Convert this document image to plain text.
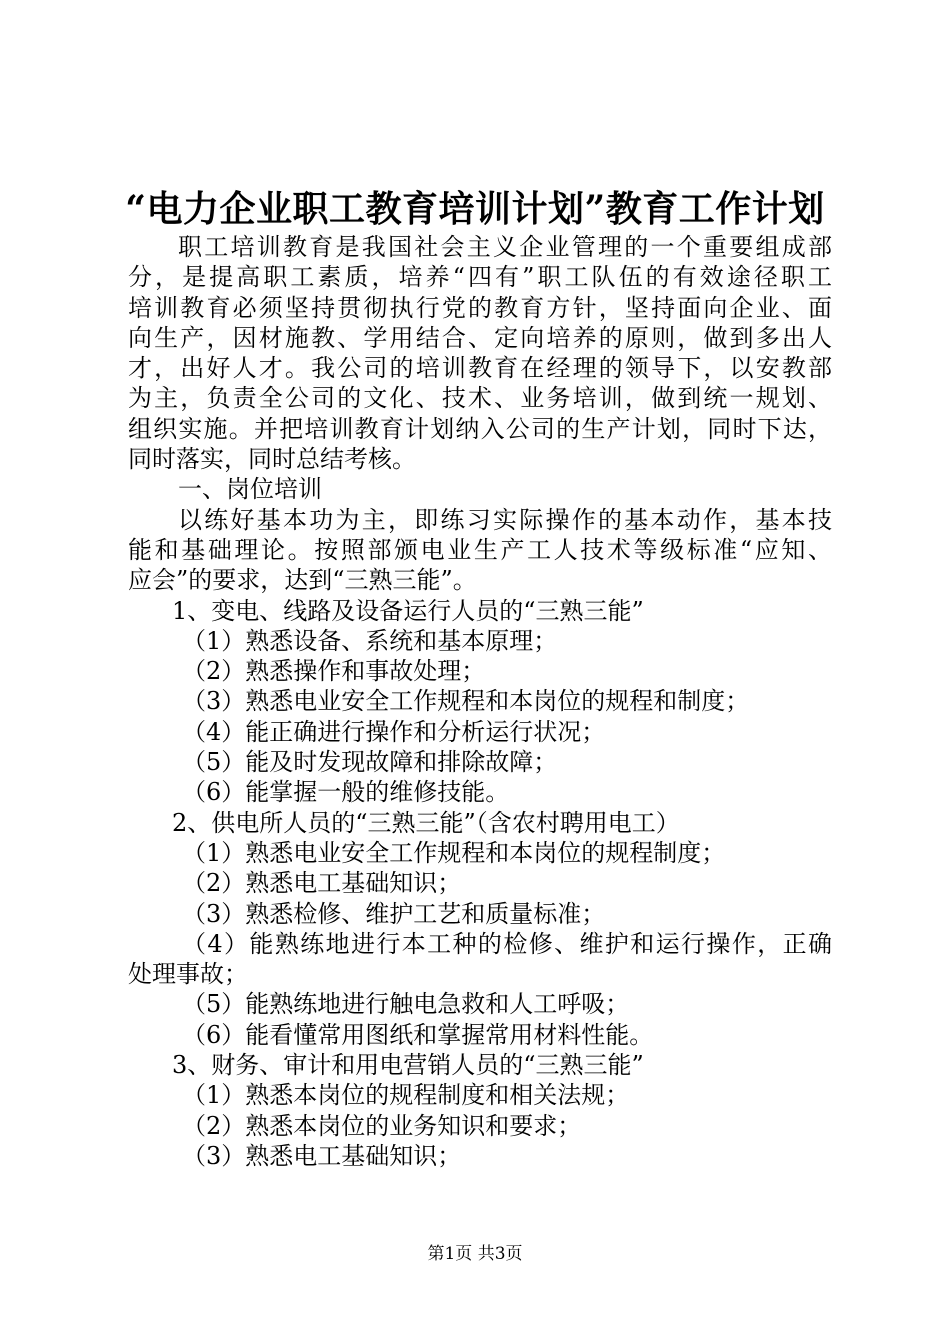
“电力企业职工教育培训计划”教育工作计划
职工培训教育是我国社会主义企业管理的一个重要组成部
分，是提高职工素质，培养“四有”职工队伍的有效途径职工
培训教育必须坚持贯彻执行党的教育方针，坚持面向企业、面
向生产，因材施教、学用结合、定向培养的原则，做到多出人
才，出好人才。我公司的培训教育在经理的领导下，以安教部
为主，负责全公司的文化、技术、业务培训，做到统一规划、
组织实施。并把培训教育计划纳入公司的生产计划，同时下达，
同时落实，同时总结考核。
一、岗位培训
以练好基本功为主，即练习实际操作的基本动作，基本技
能和基础理论。按照部颁电业生产工人技术等级标准“应知、
应会”的要求，达到“三熟三能”。
1、变电、线路及设备运行人员的“三熟三能”
（1）熟悉设备、系统和基本原理；
（2）熟悉操作和事故处理；
（3）熟悉电业安全工作规程和本岗位的规程和制度；
（4）能正确进行操作和分析运行状况；
（5）能及时发现故障和排除故障；
（6）能掌握一般的维修技能。
2、供电所人员的“三熟三能”（含农村聘用电工）
（1）熟悉电业安全工作规程和本岗位的规程制度；
（2）熟悉电工基础知识；
（3）熟悉检修、维护工艺和质量标准；
（4）能熟练地进行本工种的检修、维护和运行操作，正确
处理事故；
（5）能熟练地进行触电急救和人工呼吸；
（6）能看懂常用图纸和掌握常用材料性能。
3、财务、审计和用电营销人员的“三熟三能”
（1）熟悉本岗位的规程制度和相关法规；
（2）熟悉本岗位的业务知识和要求；
（3）熟悉电工基础知识；
第1页 共3页
